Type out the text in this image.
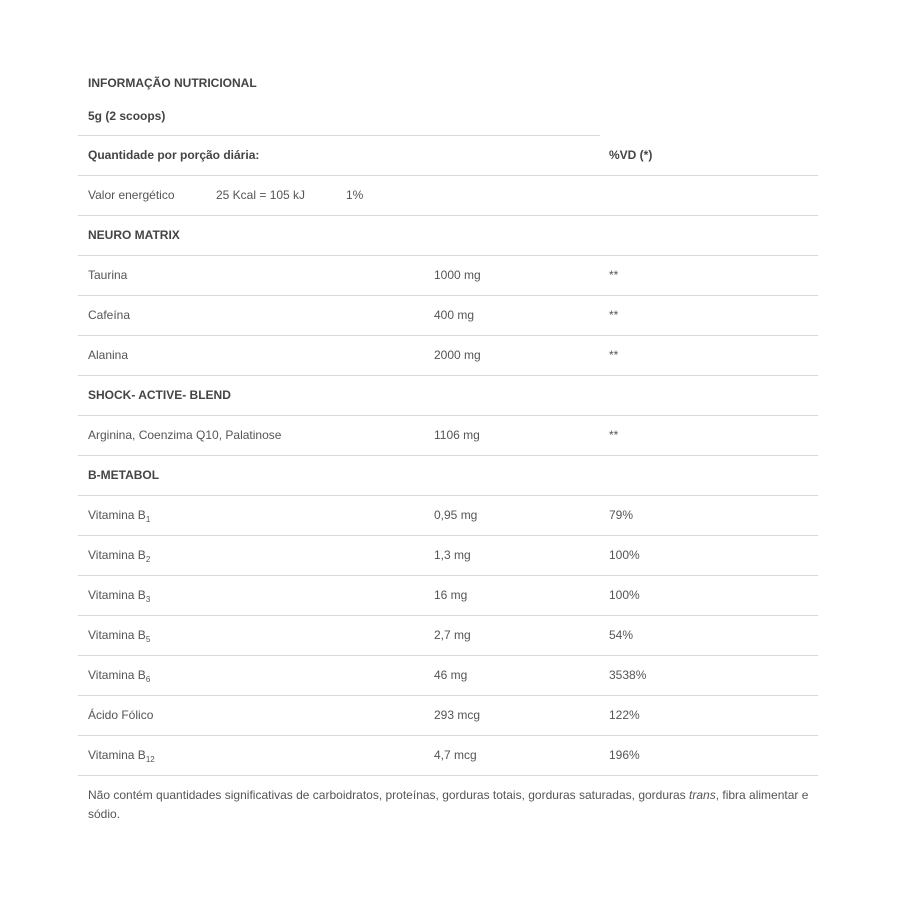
INFORMAÇÃO NUTRICIONAL
5g (2 scoops)
Quantidade por porção diária:	%VD (*)
Valor energético	25 Kcal = 105 kJ	1%
NEURO MATRIX
Taurina	1000 mg	**
Cafeína	400 mg	**
Alanina	2000 mg	**
SHOCK- ACTIVE- BLEND
Arginina, Coenzima Q10, Palatinose	1106 mg	**
B-METABOL
Vitamina $B_1$	0,95 mg	79%
Vitamina $B_2$	1,3 mg	100%
Vitamina $B_3$	16 mg	100%
Vitamina $B_5$	2,7 mg	54%
Vitamina $B_6$	46 mg	3538%
Ácido Fólico	293 mcg	122%
Vitamina $B_{12}$	4,7 mcg	196%
Não contém quantidades significativas de carboidratos, proteínas, gorduras totais, gorduras saturadas, gorduras trans, fibra alimentar e sódio.
